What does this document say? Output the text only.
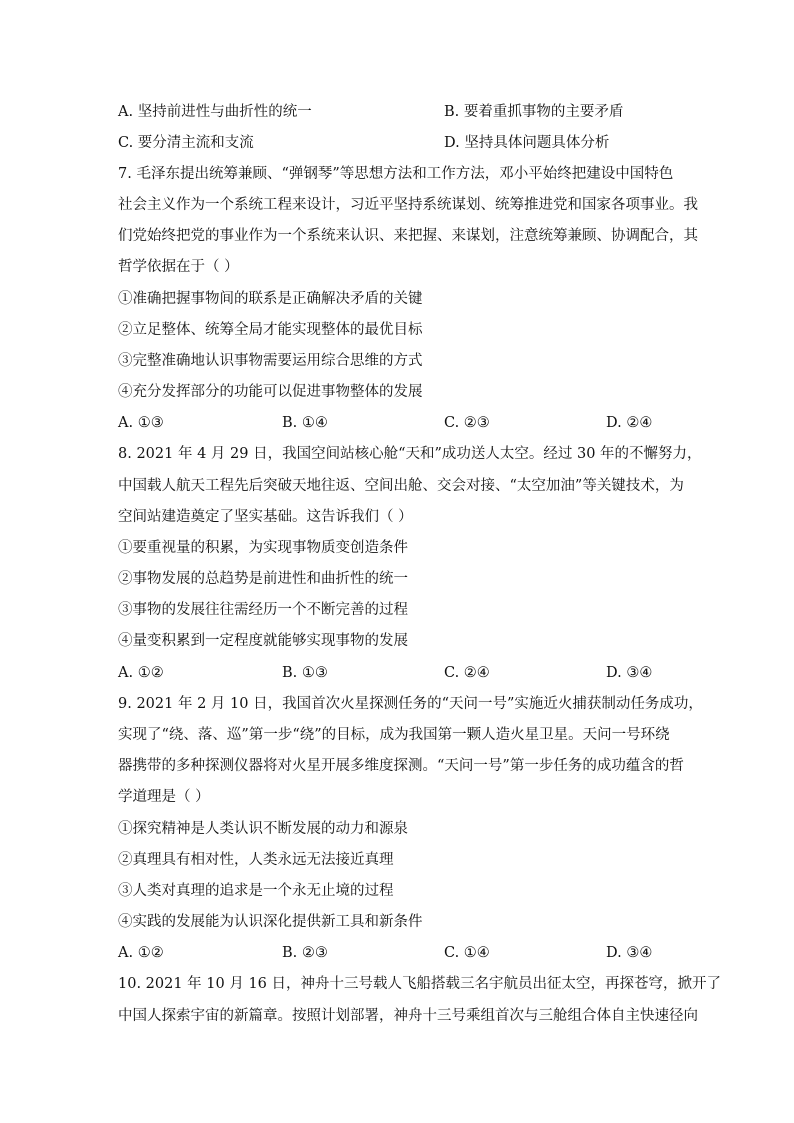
A. 坚持前进性与曲折性的统一	B. 要着重抓事物的主要矛盾
C. 要分清主流和支流	D. 坚持具体问题具体分析
7. 毛泽东提出统筹兼顾、“弹钢琴”等思想方法和工作方法，邓小平始终把建设中国特色
社会主义作为一个系统工程来设计，习近平坚持系统谋划、统筹推进党和国家各项事业。我
们党始终把党的事业作为一个系统来认识、来把握、来谋划，注意统筹兼顾、协调配合，其
哲学依据在于（ ）
①准确把握事物间的联系是正确解决矛盾的关键
②立足整体、统筹全局才能实现整体的最优目标
③完整准确地认识事物需要运用综合思维的方式
④充分发挥部分的功能可以促进事物整体的发展
A. ①③	B. ①④	C. ②③	D. ②④
8. 2021 年 4 月 29 日，我国空间站核心舱“天和”成功送人太空。经过 30 年的不懈努力，
中国载人航天工程先后突破天地往返、空间出舱、交会对接、“太空加油”等关键技术，为
空间站建造奠定了坚实基础。这告诉我们（ ）
①要重视量的积累，为实现事物质变创造条件
②事物发展的总趋势是前进性和曲折性的统一
③事物的发展往往需经历一个不断完善的过程
④量变积累到一定程度就能够实现事物的发展
A. ①②	B. ①③	C. ②④	D. ③④
9. 2021 年 2 月 10 日，我国首次火星探测任务的“天问一号”实施近火捕获制动任务成功，
实现了“绕、落、巡”第一步“绕”的目标，成为我国第一颗人造火星卫星。天问一号环绕
器携带的多种探测仪器将对火星开展多维度探测。“天问一号”第一步任务的成功蕴含的哲
学道理是（ ）
①探究精神是人类认识不断发展的动力和源泉
②真理具有相对性，人类永远无法接近真理
③人类对真理的追求是一个永无止境的过程
④实践的发展能为认识深化提供新工具和新条件
A. ①②	B. ②③	C. ①④	D. ③④
10. 2021 年 10 月 16 日，神舟十三号载人飞船搭载三名宇航员出征太空，再探苍穹，掀开了
中国人探索宇宙的新篇章。按照计划部署，神舟十三号乘组首次与三舱组合体自主快速径向
